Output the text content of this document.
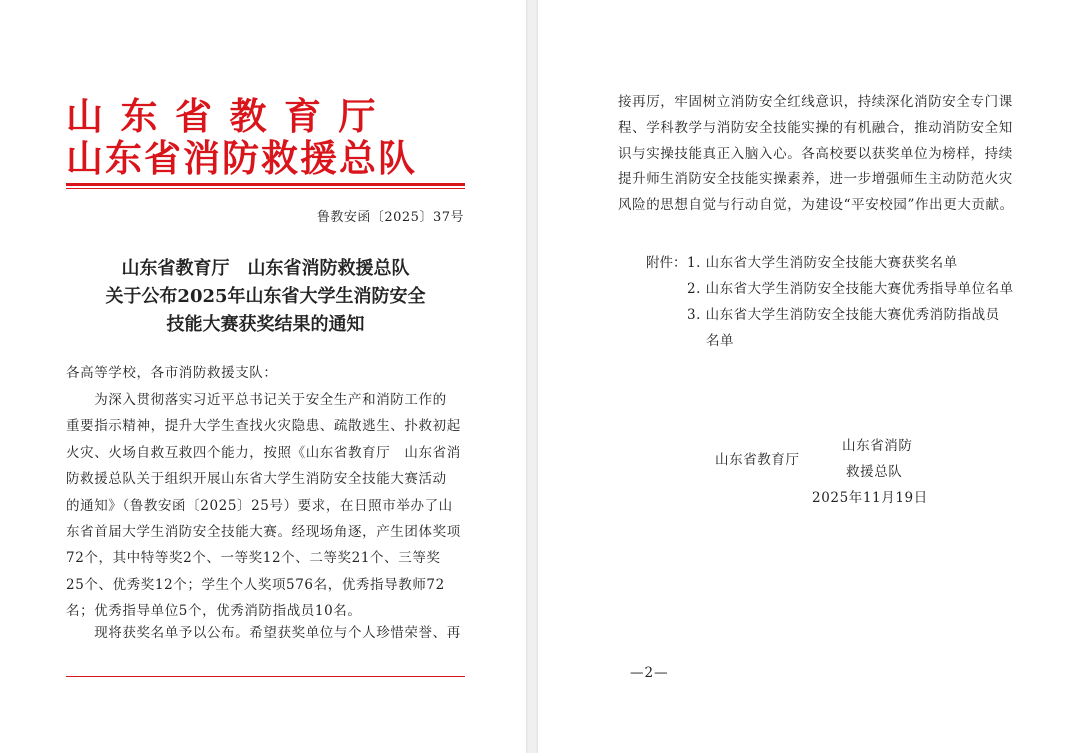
山东省教育厅
山东省消防救援总队
鲁教安函〔2025〕37号
山东省教育厅　山东省消防救援总队
关于公布2025年山东省大学生消防安全
技能大赛获奖结果的通知
各高等学校，各市消防救援支队：
　　为深入贯彻落实习近平总书记关于安全生产和消防工作的
重要指示精神，提升大学生查找火灾隐患、疏散逃生、扑救初起
火灾、火场自救互救四个能力，按照《山东省教育厅　山东省消
防救援总队关于组织开展山东省大学生消防安全技能大赛活动
的通知》（鲁教安函〔2025〕25号）要求，在日照市举办了山
东省首届大学生消防安全技能大赛。经现场角逐，产生团体奖项
72个，其中特等奖2个、一等奖12个、二等奖21个、三等奖
25个、优秀奖12个；学生个人奖项576名，优秀指导教师72
名；优秀指导单位5个，优秀消防指战员10名。
　　现将获奖名单予以公布。希望获奖单位与个人珍惜荣誉、再
接再厉，牢固树立消防安全红线意识，持续深化消防安全专门课
程、学科教学与消防安全技能实操的有机融合，推动消防安全知
识与实操技能真正入脑入心。各高校要以获奖单位为榜样，持续
提升师生消防安全技能实操素养，进一步增强师生主动防范火灾
风险的思想自觉与行动自觉，为建设“平安校园”作出更大贡献。
附件： 1. 山东省大学生消防安全技能大赛获奖名单
2. 山东省大学生消防安全技能大赛优秀指导单位名单
3. 山东省大学生消防安全技能大赛优秀消防指战员
名单
山东省教育厅
山东省消防
救援总队
2025年11月19日
—2—
